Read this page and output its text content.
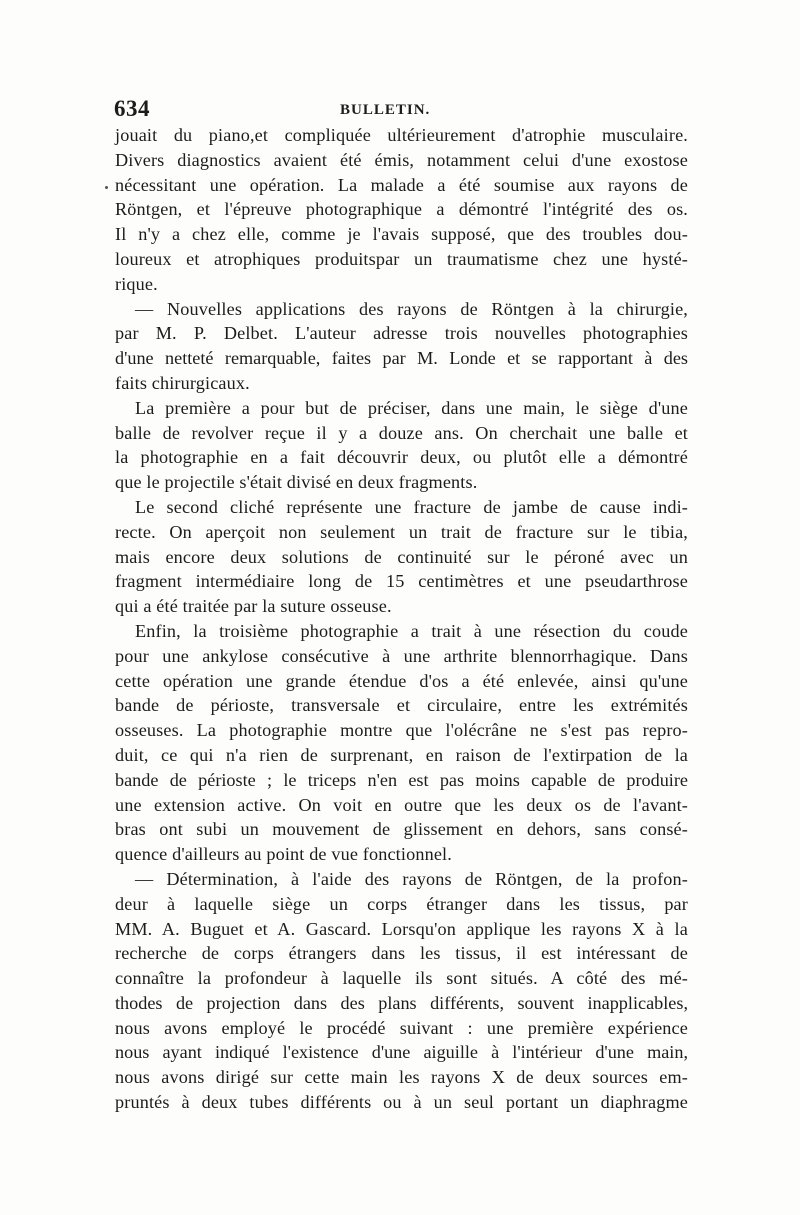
634	BULLETIN.
jouait du piano,et compliquée ultérieurement d'atrophie musculaire.
Divers diagnostics avaient été émis, notamment celui d'une exostose
nécessitant une opération. La malade a été soumise aux rayons de
Röntgen, et l'épreuve photographique a démontré l'intégrité des os.
Il n'y a chez elle, comme je l'avais supposé, que des troubles dou-
loureux et atrophiques produitspar un traumatisme chez une hysté-
rique.
— Nouvelles applications des rayons de Röntgen à la chirurgie,
par M. P. Delbet. L'auteur adresse trois nouvelles photographies
d'une netteté remarquable, faites par M. Londe et se rapportant à des
faits chirurgicaux.
La première a pour but de préciser, dans une main, le siège d'une
balle de revolver reçue il y a douze ans. On cherchait une balle et
la photographie en a fait découvrir deux, ou plutôt elle a démontré
que le projectile s'était divisé en deux fragments.
Le second cliché représente une fracture de jambe de cause indi-
recte. On aperçoit non seulement un trait de fracture sur le tibia,
mais encore deux solutions de continuité sur le péroné avec un
fragment intermédiaire long de 15 centimètres et une pseudarthrose
qui a été traitée par la suture osseuse.
Enfin, la troisième photographie a trait à une résection du coude
pour une ankylose consécutive à une arthrite blennorrhagique. Dans
cette opération une grande étendue d'os a été enlevée, ainsi qu'une
bande de périoste, transversale et circulaire, entre les extrémités
osseuses. La photographie montre que l'olécrâne ne s'est pas repro-
duit, ce qui n'a rien de surprenant, en raison de l'extirpation de la
bande de périoste ; le triceps n'en est pas moins capable de produire
une extension active. On voit en outre que les deux os de l'avant-
bras ont subi un mouvement de glissement en dehors, sans consé-
quence d'ailleurs au point de vue fonctionnel.
— Détermination, à l'aide des rayons de Röntgen, de la profon-
deur à laquelle siège un corps étranger dans les tissus, par
MM. A. Buguet et A. Gascard. Lorsqu'on applique les rayons X à la
recherche de corps étrangers dans les tissus, il est intéressant de
connaître la profondeur à laquelle ils sont situés. A côté des mé-
thodes de projection dans des plans différents, souvent inapplicables,
nous avons employé le procédé suivant : une première expérience
nous ayant indiqué l'existence d'une aiguille à l'intérieur d'une main,
nous avons dirigé sur cette main les rayons X de deux sources em-
pruntés à deux tubes différents ou à un seul portant un diaphragme
